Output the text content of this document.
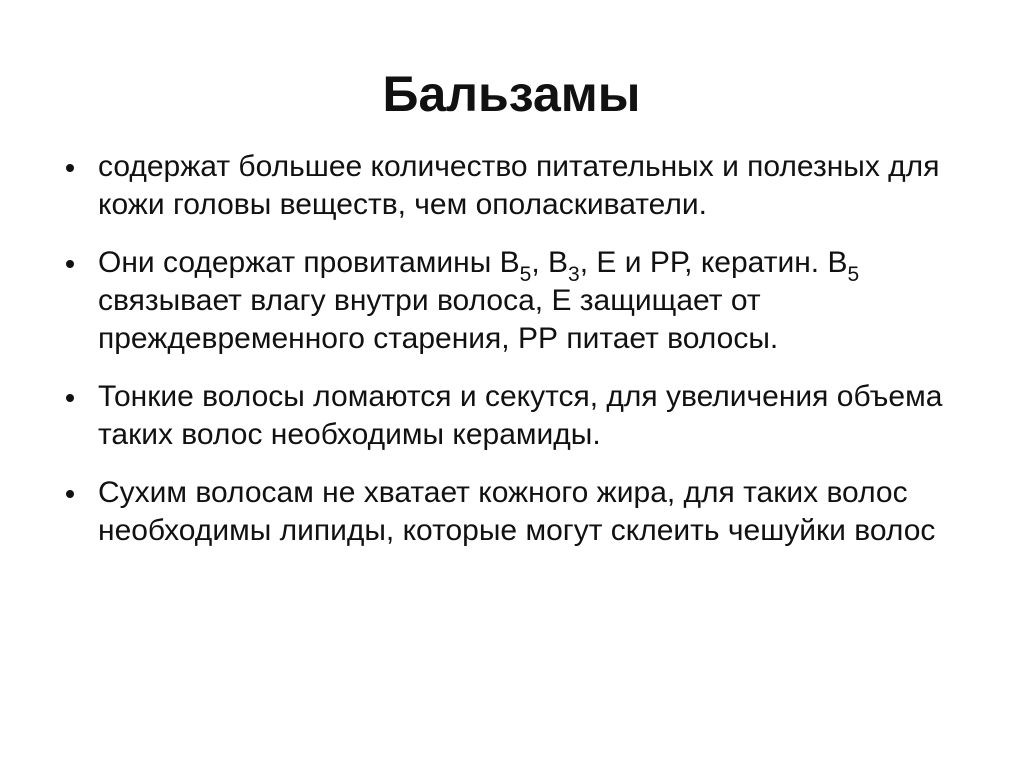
Бальзамы
содержат большее количество питательных и полезных для кожи головы веществ, чем ополаскиватели.
Они содержат провитамины $В_5$, $В_3$, Е и РР, кератин. $В_5$ связывает влагу внутри волоса, Е защищает от преждевременного старения, РР питает волосы.
Тонкие волосы ломаются и секутся, для увеличения объема таких волос необходимы керамиды.
Сухим волосам не хватает кожного жира, для таких волос необходимы липиды, которые могут склеить чешуйки волос
